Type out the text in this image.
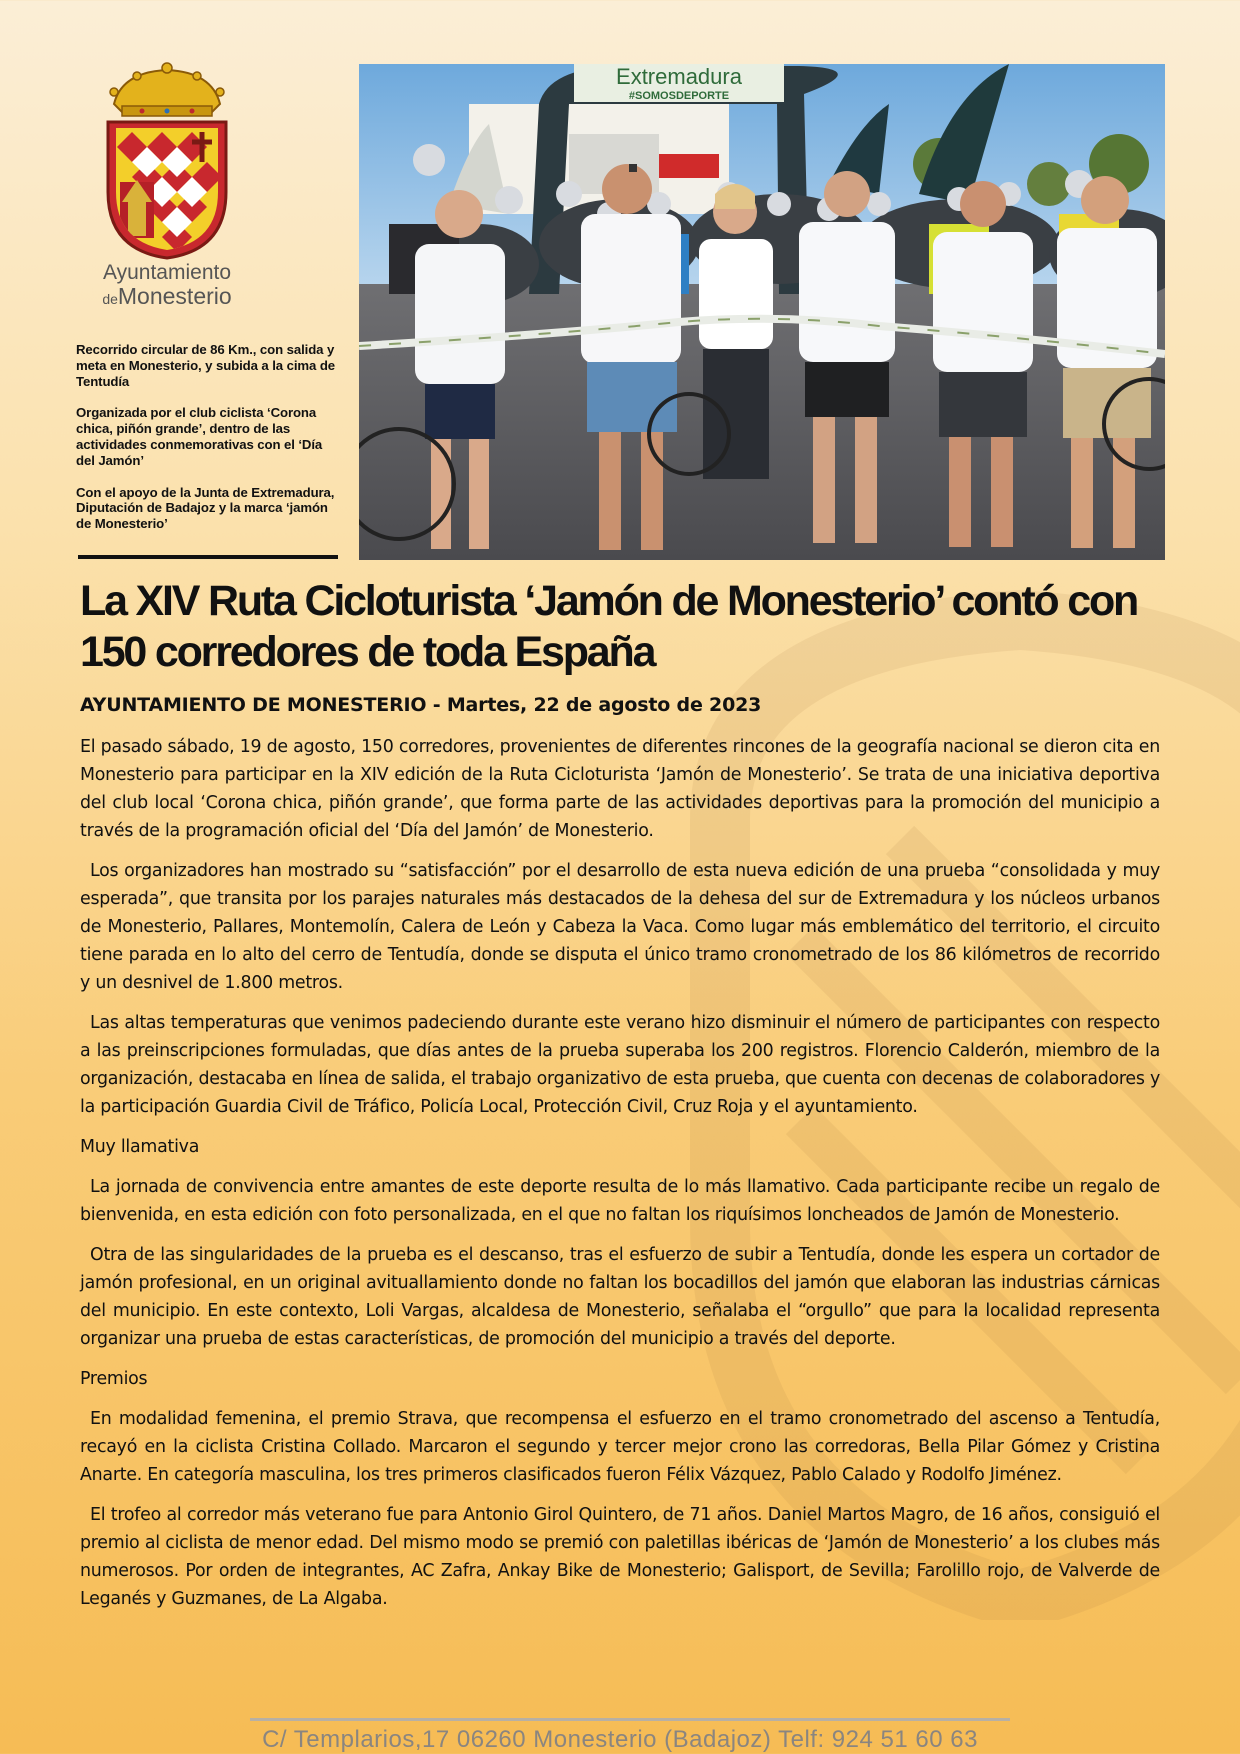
Ayuntamiento
deMonesterio

Recorrido circular de 86 Km., con salida y meta en Monesterio, y subida a la cima de Tentudía

Organizada por el club ciclista ‘Corona chica, piñón grande’, dentro de las actividades conmemorativas con el ‘Día del Jamón’

Con el apoyo de la Junta de Extremadura, Diputación de Badajoz y la marca ‘jamón de Monesterio’

Extremadura
#SOMOSDEPORTE
La XIV Ruta Cicloturista ‘Jamón de Monesterio’ contó con 150 corredores de toda España

AYUNTAMIENTO DE MONESTERIO - Martes, 22 de agosto de 2023

El pasado sábado, 19 de agosto, 150 corredores, provenientes de diferentes rincones de la geografía nacional se dieron cita en Monesterio para participar en la XIV edición de la Ruta Cicloturista ‘Jamón de Monesterio’. Se trata de una iniciativa deportiva del club local ‘Corona chica, piñón grande’, que forma parte de las actividades deportivas para la promoción del municipio a través de la programación oficial del ‘Día del Jamón’ de Monesterio.

Los organizadores han mostrado su “satisfacción” por el desarrollo de esta nueva edición de una prueba “consolidada y muy esperada”, que transita por los parajes naturales más destacados de la dehesa del sur de Extremadura y los núcleos urbanos de Monesterio, Pallares, Montemolín, Calera de León y Cabeza la Vaca. Como lugar más emblemático del territorio, el circuito tiene parada en lo alto del cerro de Tentudía, donde se disputa el único tramo cronometrado de los 86 kilómetros de recorrido y un desnivel de 1.800 metros.

Las altas temperaturas que venimos padeciendo durante este verano hizo disminuir el número de participantes con respecto a las preinscripciones formuladas, que días antes de la prueba superaba los 200 registros. Florencio Calderón, miembro de la organización, destacaba en línea de salida, el trabajo organizativo de esta prueba, que cuenta con decenas de colaboradores y la participación Guardia Civil de Tráfico, Policía Local, Protección Civil, Cruz Roja y el ayuntamiento.

Muy llamativa

La jornada de convivencia entre amantes de este deporte resulta de lo más llamativo. Cada participante recibe un regalo de bienvenida, en esta edición con foto personalizada, en el que no faltan los riquísimos loncheados de Jamón de Monesterio.

Otra de las singularidades de la prueba es el descanso, tras el esfuerzo de subir a Tentudía, donde les espera un cortador de jamón profesional, en un original avituallamiento donde no faltan los bocadillos del jamón que elaboran las industrias cárnicas del municipio. En este contexto, Loli Vargas, alcaldesa de Monesterio, señalaba el “orgullo” que para la localidad representa organizar una prueba de estas características, de promoción del municipio a través del deporte.

Premios

En modalidad femenina, el premio Strava, que recompensa el esfuerzo en el tramo cronometrado del ascenso a Tentudía, recayó en la ciclista Cristina Collado. Marcaron el segundo y tercer mejor crono las corredoras, Bella Pilar Gómez y Cristina Anarte. En categoría masculina, los tres primeros clasificados fueron Félix Vázquez, Pablo Calado y Rodolfo Jiménez.

El trofeo al corredor más veterano fue para Antonio Girol Quintero, de 71 años. Daniel Martos Magro, de 16 años, consiguió el premio al ciclista de menor edad. Del mismo modo se premió con paletillas ibéricas de ‘Jamón de Monesterio’ a los clubes más numerosos. Por orden de integrantes, AC Zafra, Ankay Bike de Monesterio; Galisport, de Sevilla; Farolillo rojo, de Valverde de Leganés y Guzmanes, de La Algaba.

C/ Templarios,17 06260 Monesterio (Badajoz) Telf: 924 51 60 63
